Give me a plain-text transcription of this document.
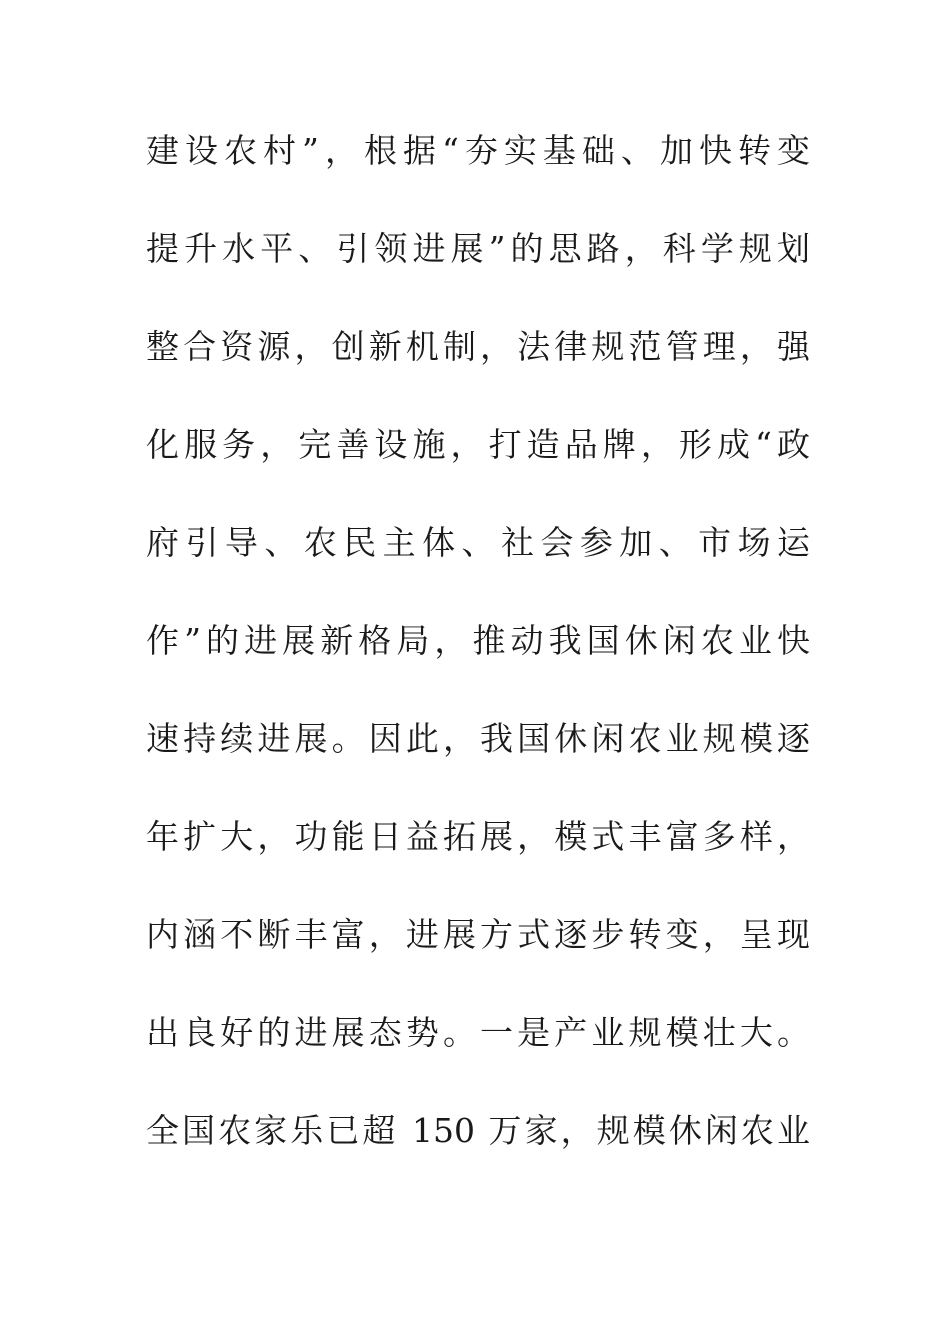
建设农村”，根据“夯实基础、加快转变
提升水平、引领进展”的思路，科学规划
整合资源，创新机制，法律规范管理，强
化服务，完善设施，打造品牌，形成“政
府引导、农民主体、社会参加、市场运
作”的进展新格局，推动我国休闲农业快
速持续进展。因此，我国休闲农业规模逐
年扩大，功能日益拓展，模式丰富多样，
内涵不断丰富，进展方式逐步转变，呈现
出良好的进展态势。一是产业规模壮大。
全国农家乐已超 150 万家，规模休闲农业
